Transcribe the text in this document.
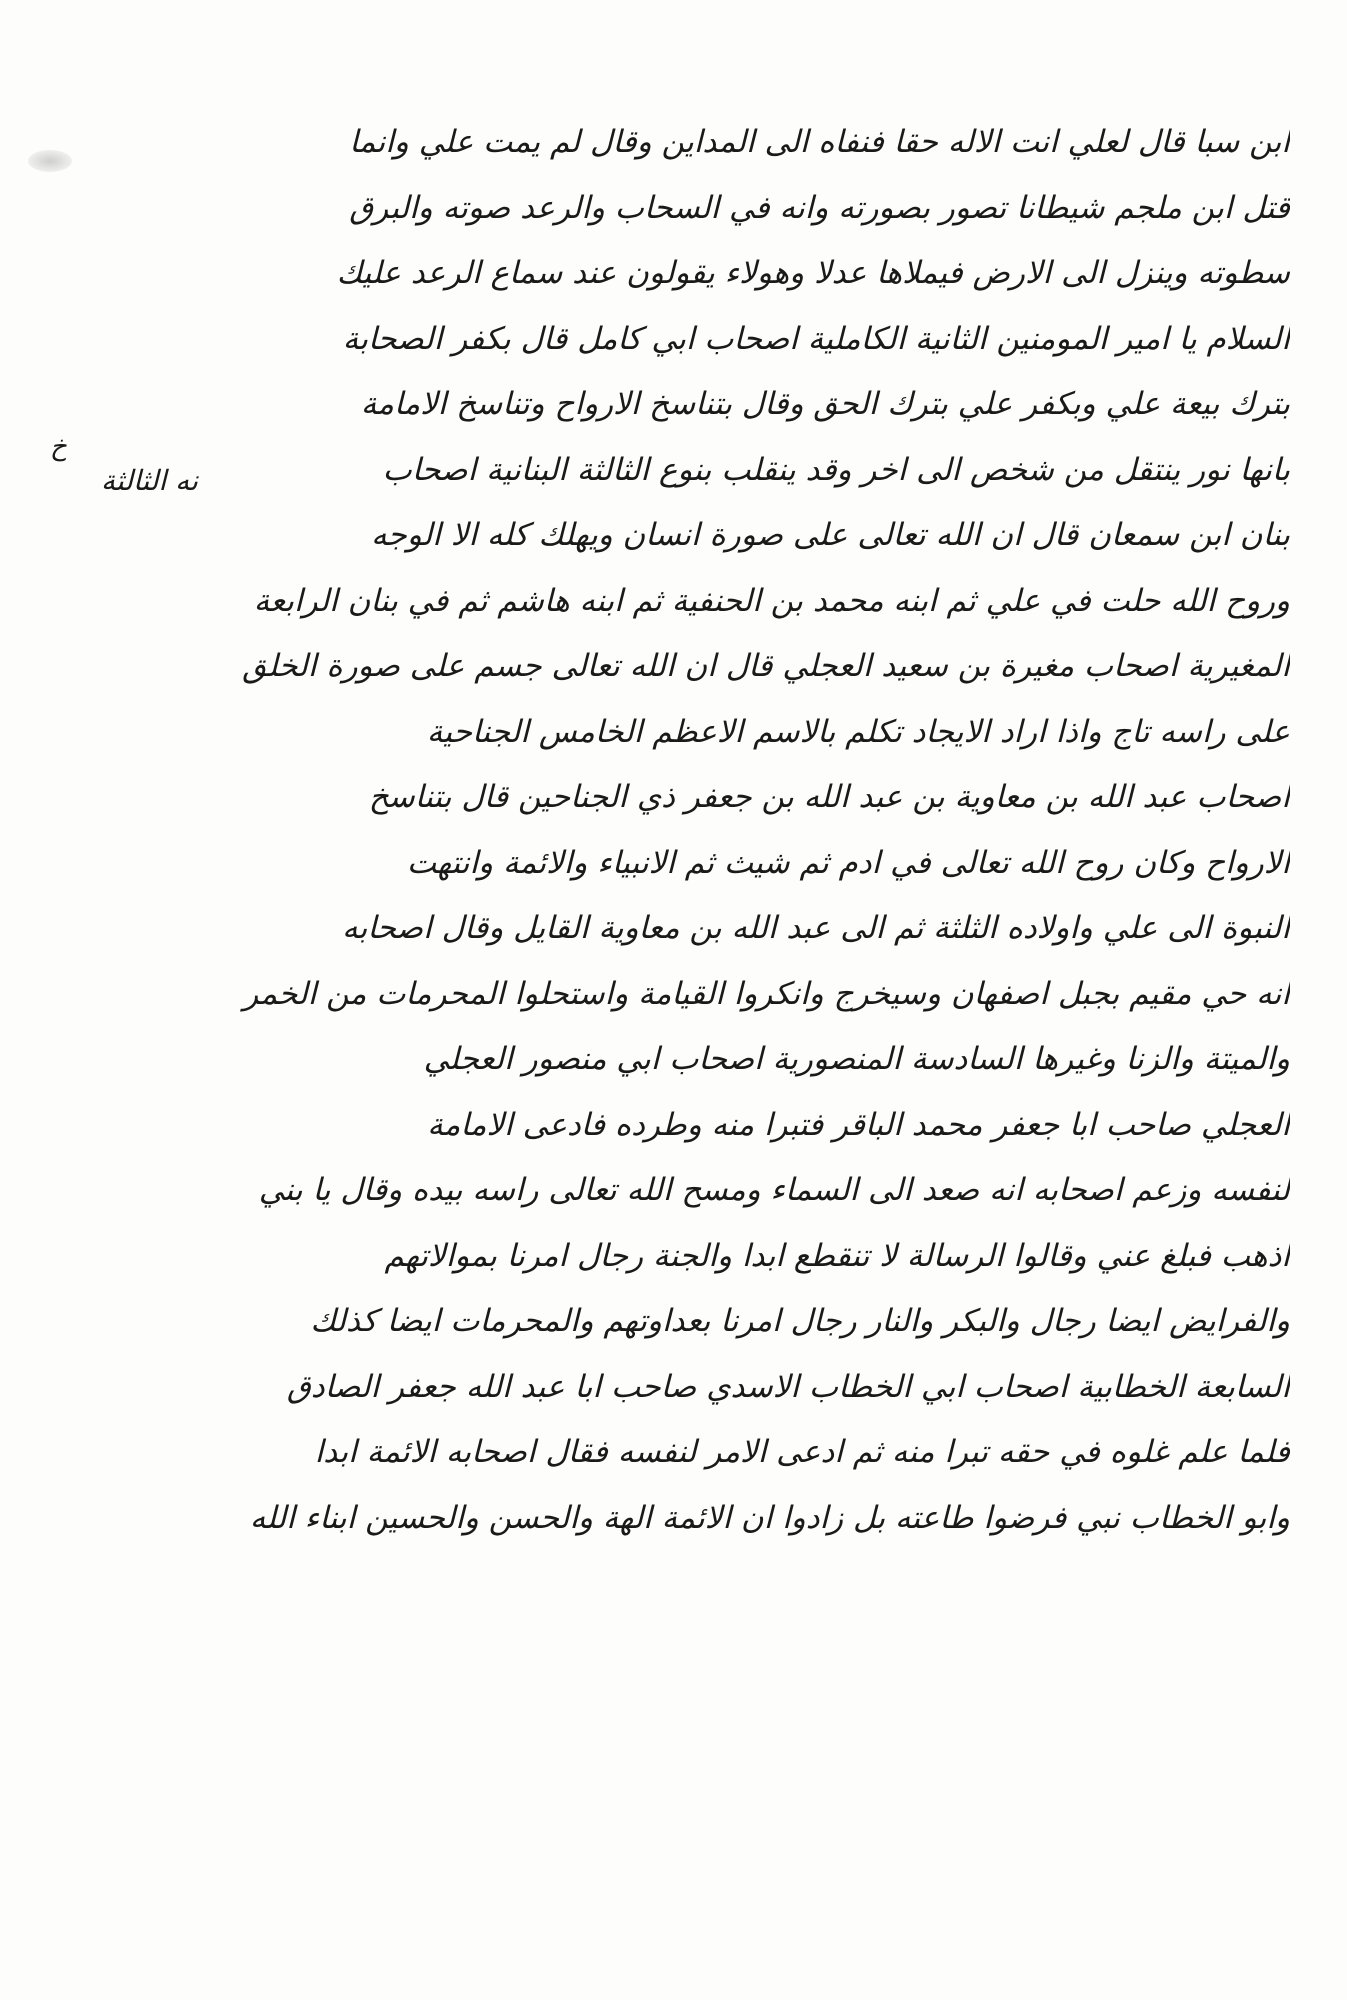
خ
نه الثالثة
ابن سبا قال لعلي انت الاله حقا فنفاه الى المداين وقال لم يمت علي وانما
قتل ابن ملجم شيطانا تصور بصورته وانه في السحاب والرعد صوته والبرق
سطوته وينزل الى الارض فيملاها عدلا وهولاء يقولون عند سماع الرعد عليك
السلام يا امير المومنين الثانية الكاملية اصحاب ابي كامل قال بكفر الصحابة
بترك بيعة علي وبكفر علي بترك الحق وقال بتناسخ الارواح وتناسخ الامامة
بانها نور ينتقل من شخص الى اخر وقد ينقلب بنوع الثالثة البنانية اصحاب
بنان ابن سمعان قال ان الله تعالى على صورة انسان ويهلك كله الا الوجه
وروح الله حلت في علي ثم ابنه محمد بن الحنفية ثم ابنه هاشم ثم في بنان الرابعة
المغيرية اصحاب مغيرة بن سعيد العجلي قال ان الله تعالى جسم على صورة الخلق
على راسه تاج واذا اراد الايجاد تكلم بالاسم الاعظم الخامس الجناحية
اصحاب عبد الله بن معاوية بن عبد الله بن جعفر ذي الجناحين قال بتناسخ
الارواح وكان روح الله تعالى في ادم ثم شيث ثم الانبياء والائمة وانتهت
النبوة الى علي واولاده الثلثة ثم الى عبد الله بن معاوية القايل وقال اصحابه
انه حي مقيم بجبل اصفهان وسيخرج وانكروا القيامة واستحلوا المحرمات من الخمر
والميتة والزنا وغيرها السادسة المنصورية اصحاب ابي منصور العجلي
العجلي صاحب ابا جعفر محمد الباقر فتبرا منه وطرده فادعى الامامة
لنفسه وزعم اصحابه انه صعد الى السماء ومسح الله تعالى راسه بيده وقال يا بني
اذهب فبلغ عني وقالوا الرسالة لا تنقطع ابدا والجنة رجال امرنا بموالاتهم
والفرايض ايضا رجال والبكر والنار رجال امرنا بعداوتهم والمحرمات ايضا كذلك
السابعة الخطابية اصحاب ابي الخطاب الاسدي صاحب ابا عبد الله جعفر الصادق
فلما علم غلوه في حقه تبرا منه ثم ادعى الامر لنفسه فقال اصحابه الائمة ابدا
وابو الخطاب نبي فرضوا طاعته بل زادوا ان الائمة الهة والحسن والحسين ابناء الله
